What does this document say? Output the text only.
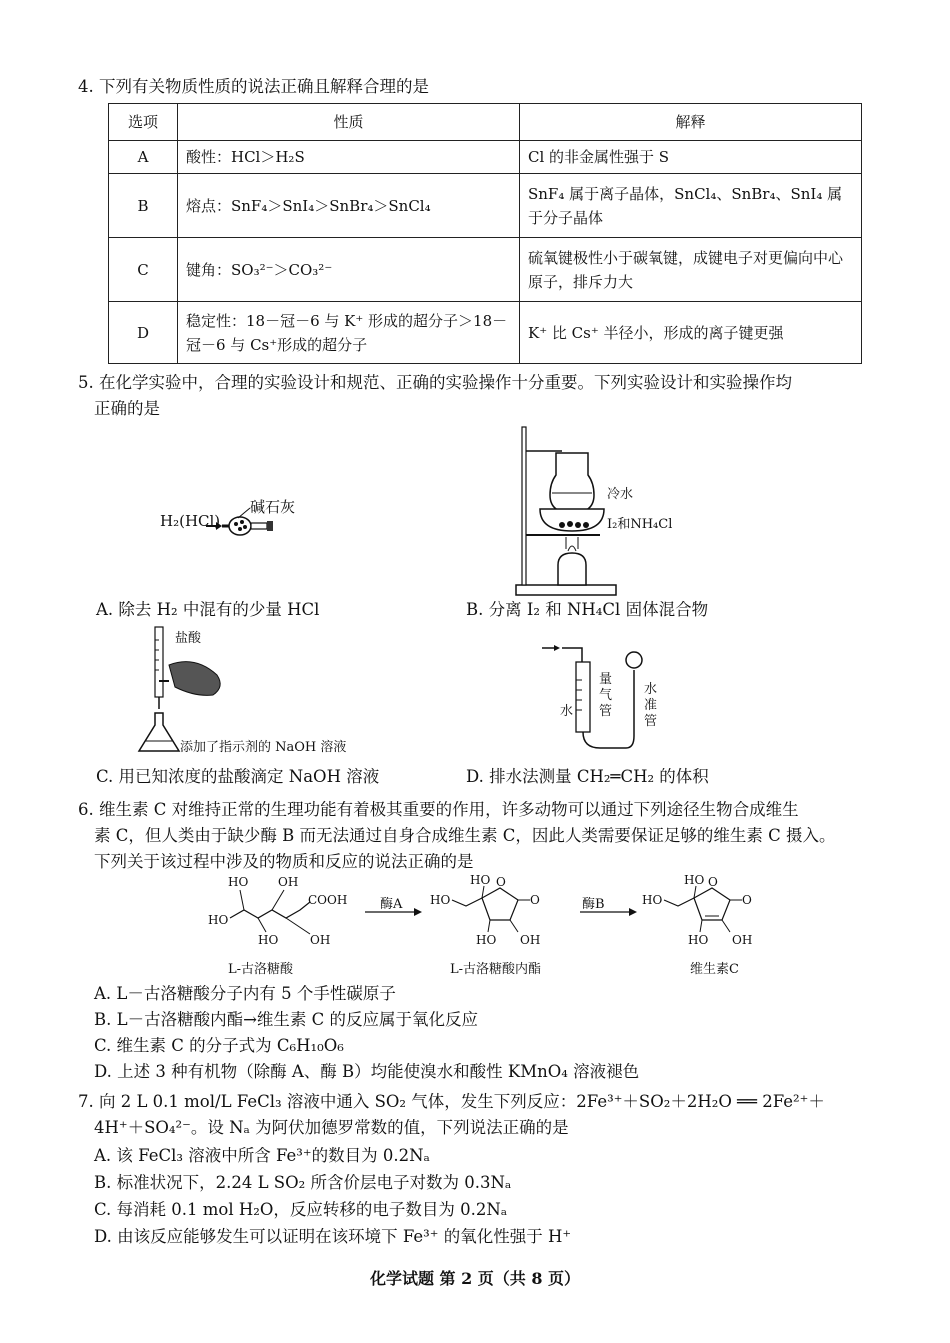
4. 下列有关物质性质的说法正确且解释合理的是
选项	性质	解释
A	酸性：HCl＞H₂S	Cl 的非金属性强于 S
B	熔点：SnF₄＞SnI₄＞SnBr₄＞SnCl₄	SnF₄ 属于离子晶体，SnCl₄、SnBr₄、SnI₄ 属于分子晶体
C	键角：SO₃²⁻＞CO₃²⁻	硫氧键极性小于碳氧键，成键电子对更偏向中心原子，排斥力大
D	稳定性：18－冠－6 与 K⁺ 形成的超分子＞18－冠－6 与 Cs⁺形成的超分子	K⁺ 比 Cs⁺ 半径小，形成的离子键更强
5. 在化学实验中，合理的实验设计和规范、正确的实验操作十分重要。下列实验设计和实验操作均
正确的是
H₂(HCl)
碱石灰
冷水
I₂和NH₄Cl
A. 除去 H₂ 中混有的少量 HCl	B. 分离 I₂ 和 NH₄Cl 固体混合物
盐酸
添加了指示剂的 NaOH 溶液
水
量气管
水准管
C. 用已知浓度的盐酸滴定 NaOH 溶液	D. 排水法测量 CH₂═CH₂ 的体积
6. 维生素 C 对维持正常的生理功能有着极其重要的作用，许多动物可以通过下列途径生物合成维生
素 C，但人类由于缺少酶 B 而无法通过自身合成维生素 C，因此人类需要保证足够的维生素 C 摄入。
下列关于该过程中涉及的物质和反应的说法正确的是
HO OH
HO
COOH
HO	OH
HO
HO O
O
HO OH
HO
HO O
O
HO OH
酶A	酶B
L-古洛糖酸	L-古洛糖酸内酯	维生素C
A. L－古洛糖酸分子内有 5 个手性碳原子
B. L－古洛糖酸内酯→维生素 C 的反应属于氧化反应
C. 维生素 C 的分子式为 C₆H₁₀O₆
D. 上述 3 种有机物（除酶 A、酶 B）均能使溴水和酸性 KMnO₄ 溶液褪色
7. 向 2 L 0.1 mol/L FeCl₃ 溶液中通入 SO₂ 气体，发生下列反应：2Fe³⁺＋SO₂＋2H₂O ══ 2Fe²⁺＋
4H⁺＋SO₄²⁻。设 Nₐ 为阿伏加德罗常数的值，下列说法正确的是
A. 该 FeCl₃ 溶液中所含 Fe³⁺的数目为 0.2Nₐ
B. 标准状况下，2.24 L SO₂ 所含价层电子对数为 0.3Nₐ
C. 每消耗 0.1 mol H₂O，反应转移的电子数目为 0.2Nₐ
D. 由该反应能够发生可以证明在该环境下 Fe³⁺ 的氧化性强于 H⁺
化学试题 第 2 页（共 8 页）
